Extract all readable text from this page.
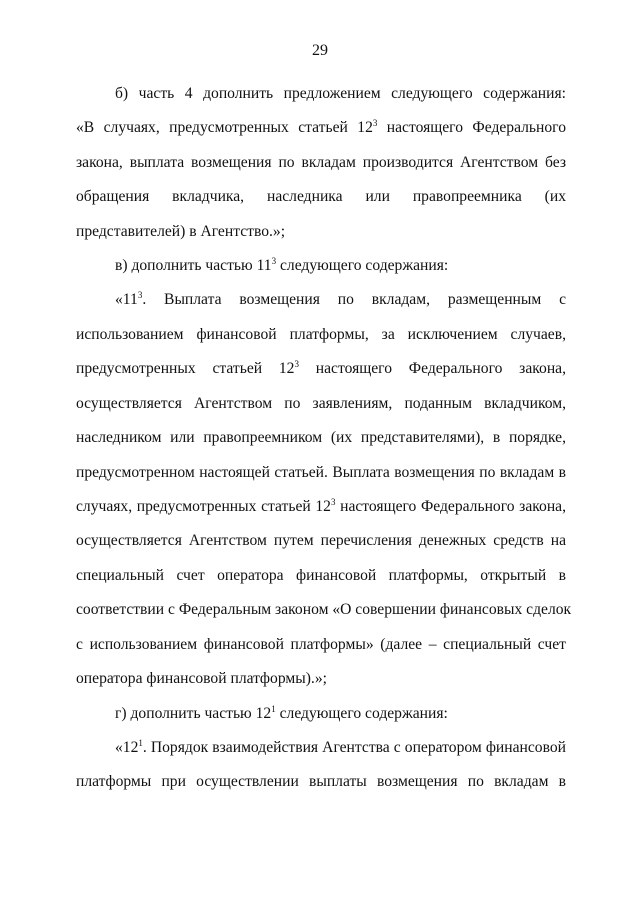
29
б) часть 4 дополнить предложением следующего содержания:
«В случаях, предусмотренных статьей $12^3$ настоящего Федерального
закона, выплата возмещения по вкладам производится Агентством без
обращения вкладчика, наследника или правопреемника (их
представителей) в Агентство.»;
в) дополнить частью $11^3$ следующего содержания:
«$11^3$. Выплата возмещения по вкладам, размещенным с
использованием финансовой платформы, за исключением случаев,
предусмотренных статьей $12^3$ настоящего Федерального закона,
осуществляется Агентством по заявлениям, поданным вкладчиком,
наследником или правопреемником (их представителями), в порядке,
предусмотренном настоящей статьей. Выплата возмещения по вкладам в
случаях, предусмотренных статьей $12^3$ настоящего Федерального закона,
осуществляется Агентством путем перечисления денежных средств на
специальный счет оператора финансовой платформы, открытый в
соответствии с Федеральным законом «О совершении финансовых сделок
с использованием финансовой платформы» (далее – специальный счет
оператора финансовой платформы).»;
г) дополнить частью $12^1$ следующего содержания:
«$12^1$. Порядок взаимодействия Агентства с оператором финансовой
платформы при осуществлении выплаты возмещения по вкладам в
